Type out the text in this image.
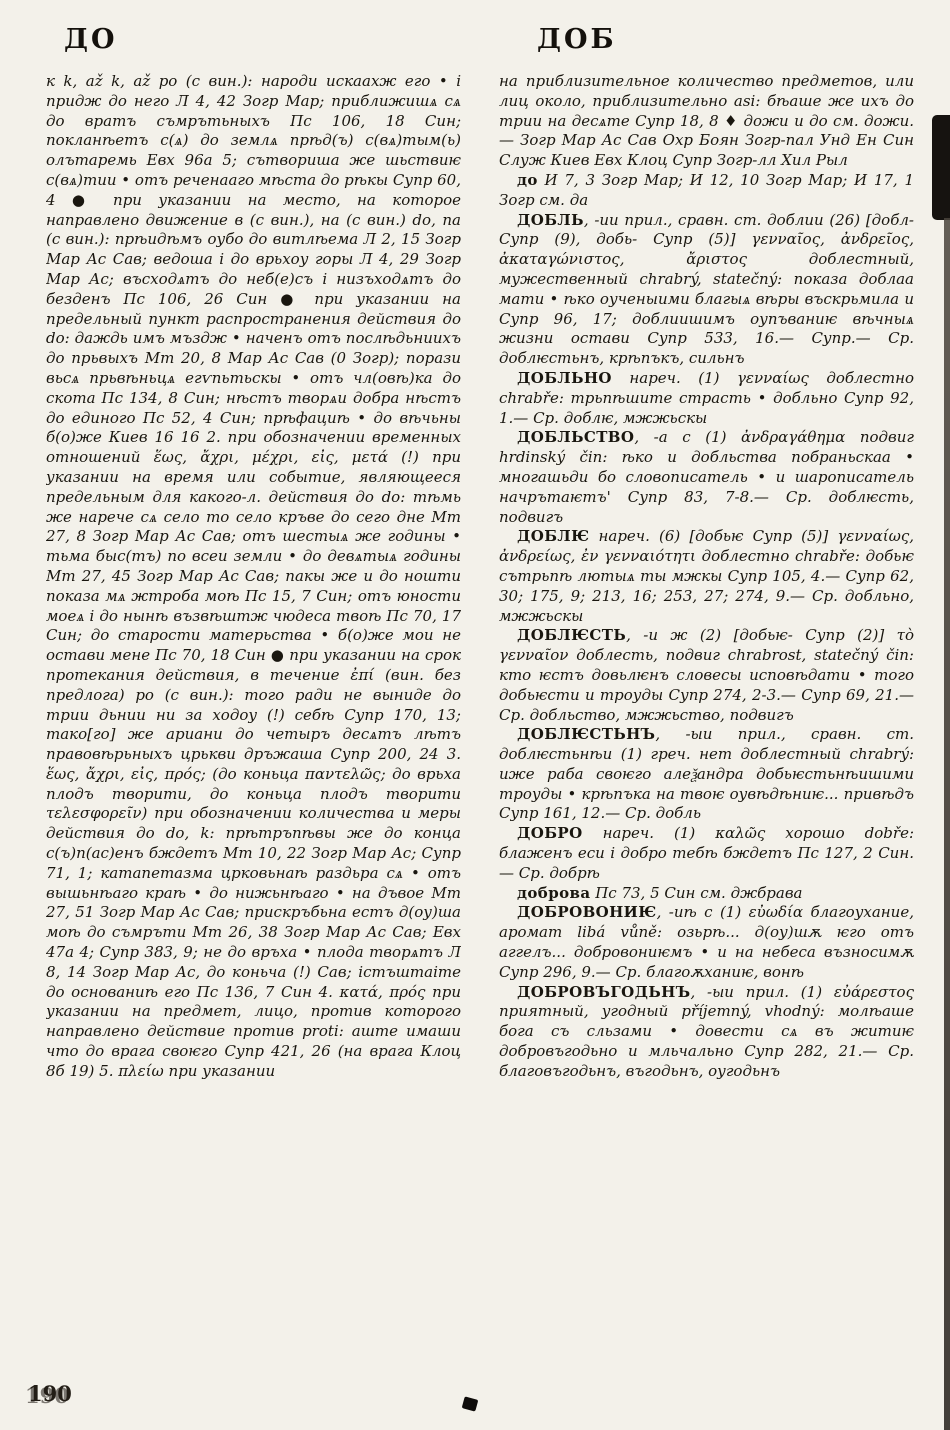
ДО	ДОБ

к k, až k, až po (с вин.): народи искаахж его • і придж до него Л 4, 42 Зогр Мар; приближишѧ сѧ до вратъ съмрътьныхъ Пс 106, 18 Син; покланѣетъ с(ѧ) до землѧ прѣд(ъ) с(вѧ)тым(ь) олътаремь Евх 96а 5; сътвориша же шьствиѥ с(вѧ)тии • отъ реченааго мѣста до рѣкы Супр 60, 4 ● при указании на место, на которое направлено движение в (с вин.), на (с вин.) do, na (с вин.): прѣидѣмъ оубо до витлѣема Л 2, 15 Зогр Мар Ас Сав; ведоша і до врьхоу горы Л 4, 29 Зогр Мар Ас; въсходѧтъ до неб(е)съ і низъходѧтъ до безденъ Пс 106, 26 Син ● при указании на предельный пункт распространения действия до do: даждь имъ мъздж • наченъ отъ послѣдьниихъ до прьвыхъ Мт 20, 8 Мар Ас Сав (0 Зогр); порази вьсѧ прьвѣньцѧ егѵпьтьскы • отъ чл(овѣ)ка до скота Пс 134, 8 Син; нѣстъ творѧи добра нѣстъ до единого Пс 52, 4 Син; прѣфациѣ • до вѣчьны б(о)же Киев 16 16 2. при обозначении временных отношений ἕως, ἄχρι, μέχρι, εἰς, μετά (!) при указании на время или событие, являющееся предельным для какого-л. действия до do: тѣмь же нарече сѧ село то село кръве до сего дне Мт 27, 8 Зогр Мар Ас Сав; отъ шестыѧ же годины • тьма быс(тъ) по всеи земли • до девѧтыѧ годины Мт 27, 45 Зогр Мар Ас Сав; пакы же и до ношти показа мѧ жтроба моѣ Пс 15, 7 Син; отъ юности моеѧ і до нынѣ възвѣштж чюдеса твоѣ Пс 70, 17 Син; до старости матерьства • б(о)же мои не остави мене Пс 70, 18 Син ● при указании на срок протекания действия, в течение ἐπί (вин. без предлога) po (с вин.): того ради не выниде до трии дьнии ни за ходоу (!) себѣ Супр 170, 13; тако[го] же ариани до четыръ десѧтъ лѣтъ правовѣрьныхъ црькви дръжаша Супр 200, 24 3. ἕως, ἄχρι, εἰς, πρός; (до коньца παντελῶς; до врьха плодъ творити, до коньца плодъ творити τελεσφορεῖν) при обозначении количества и меры действия до do, k: прѣтръпѣвы же до конца с(ъ)п(ас)енъ бждетъ Мт 10, 22 Зогр Мар Ас; Супр 71, 1; катапетазма црковьнаѣ раздьра сѧ • отъ вышьнѣаго краѣ • до нижьнѣаго • на дъвое Мт 27, 51 Зогр Мар Ас Сав; прискръбьна естъ д(оу)ша моѣ до съмръти Мт 26, 38 Зогр Мар Ас Сав; Евх 47а 4; Супр 383, 9; не до връха • плода творѧтъ Л 8, 14 Зогр Мар Ас, до коньча (!) Сав; істъштаіте до основаниѣ его Пс 136, 7 Син 4. κατά, πρός при указании на предмет, лицо, против которого направлено действие против proti: аште имаши что до врага своѥго Супр 421, 26 (на врага Клоц 8б 19) 5. πλείω при указании

на приблизительное количество предметов, или лиц около, приблизительно asi: бѣаше же ихъ до трии на десѧте Супр 18, 8 ♦ дожи и до см. дожи.— Зогр Мар Ас Сав Охр Боян Зогр-пал Унд Ен Син Служ Киев Евх Клоц Супр Зогр-лл Хил Рыл

до И 7, 3 Зогр Мар; И 12, 10 Зогр Мар; И 17, 1 Зогр см. да

ДОБЛЬ, -ии прил., сравн. ст. доблии (26) [добл- Супр (9), добь- Супр (5)] γενναῖος, ἀνδρεῖος, ἀκαταγώνιστος, ἄριστος доблестный, мужественный chrabrý, statečný: показа доблаа мати • ѣко оученыими благыѧ вѣры въскрьмила и Супр 96, 17; доблиишимъ оупъваниѥ вѣчныѧ жизни остави Супр 533, 16.— Супр.— Ср. доблѥстьнъ, крѣпъкъ, сильнъ

ДОБЛЬНО нареч. (1) γενναίως доблестно chrabře: трьпѣшите страсть • добльно Супр 92, 1.— Ср. доблѥ, мжжьскы

ДОБЛЬСТВО, -а с (1) ἀνδραγάθημα подвиг hrdinský čin: ѣко и добльства побраньскаа • многашьди бо словописатель • и шарописатель начрътаѥтъ' Супр 83, 7-8.— Ср. доблѥсть, подвигъ

ДОБЛѤ нареч. (6) [добьѥ Супр (5)] γενναίως, ἀνδρείως, ἐν γενναιότητι доблестно chrabře: добьѥ сътрьпѣ лютыѧ ты мжкы Супр 105, 4.— Супр 62, 30; 175, 9; 213, 16; 253, 27; 274, 9.— Ср. добльно, мжжьскы

ДОБЛѤСТЬ, -и ж (2) [добьѥ- Супр (2)] τὸ γενναῖον доблесть, подвиг chrabrost, statečný čin: кто ѥстъ довьлѥнъ словесы исповѣдати • того добьѥсти и троуды Супр 274, 2-3.— Супр 69, 21.— Ср. добльство, мжжьство, подвигъ

ДОБЛѤСТЬНЪ, -ыи прил., сравн. ст. доблѥстьнѣи (1) греч. нет доблестный chrabrý: иже раба своѥго алеѯандра добьѥстьнѣишими троуды • крѣпъка на твоѥ оувѣдѣниѥ... привѣдъ Супр 161, 12.— Ср. добль

ДОБРО нареч. (1) καλῶς хорошо dobře: блаженъ еси і добро тебѣ бждетъ Пс 127, 2 Син.— Ср. добрѣ

доброва Пс 73, 5 Син см. джбрава

ДОБРОВОНИѤ, -иѣ с (1) εὐωδία благоухание, аромат libá vůně: озьрѣ... д(оу)шѫ ѥго отъ аггелъ... добровониѥмъ • и на небеса възносимѫ Супр 296, 9.— Ср. благоѫханиѥ, вонѣ

ДОБРОВЪГОДЬНЪ, -ыи прил. (1) εὐάρεστος приятный, угодный příjemný, vhodný: молѣаше бога съ сльзами • довести сѧ въ житиѥ добровъгодьно и мльчально Супр 282, 21.— Ср. благовъгодьнъ, въгодьнъ, оугодьнъ

190
